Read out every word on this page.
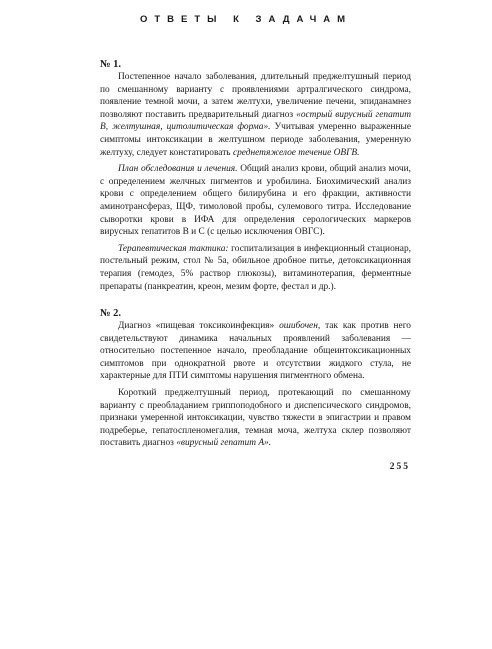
ОТВЕТЫ К ЗАДАЧАМ
№ 1.

Постепенное начало заболевания, длительный преджелтушный период по смешанному варианту с проявлениями артралгического синдрома, появление темной мочи, а затем желтухи, увеличение печени, эпиданамнез позволяют поставить предварительный диагноз «острый вирусный гепатит В, желтушная, цитолитическая форма». Учитывая умеренно выраженные симптомы интоксикации в желтушном периоде заболевания, умеренную желтуху, следует констатировать среднетяжелое течение ОВГВ.

План обследования и лечения. Общий анализ крови, общий анализ мочи, с определением желчных пигментов и уробилина. Биохимический анализ крови с определением общего билирубина и его фракции, активности аминотрансфераз, ЩФ, тимоловой пробы, сулемового титра. Исследование сыворотки крови в ИФА для определения серологических маркеров вирусных гепатитов В и С (с целью исключения ОВГС).

Терапевтическая тактика: госпитализация в инфекционный стационар, постельный режим, стол № 5а, обильное дробное питье, детоксикационная терапия (гемодез, 5% раствор глюкозы), витаминотерапия, ферментные препараты (панкреатин, креон, мезим форте, фестал и др.).

№ 2.

Диагноз «пищевая токсикоинфекция» ошибочен, так как против него свидетельствуют динамика начальных проявлений заболевания — относительно постепенное начало, преобладание общеинтоксикационных симптомов при однократной рвоте и отсутствии жидкого стула, не характерные для ПТИ симптомы нарушения пигментного обмена.

Короткий преджелтушный период, протекающий по смешанному варианту с преобладанием гриппоподобного и диспепсического синдромов, признаки умеренной интоксикации, чувство тяжести в эпигастрии и правом подреберье, гепатоспленомегалия, темная моча, желтуха склер позволяют поставить диагноз «вирусный гепатит А».

255
